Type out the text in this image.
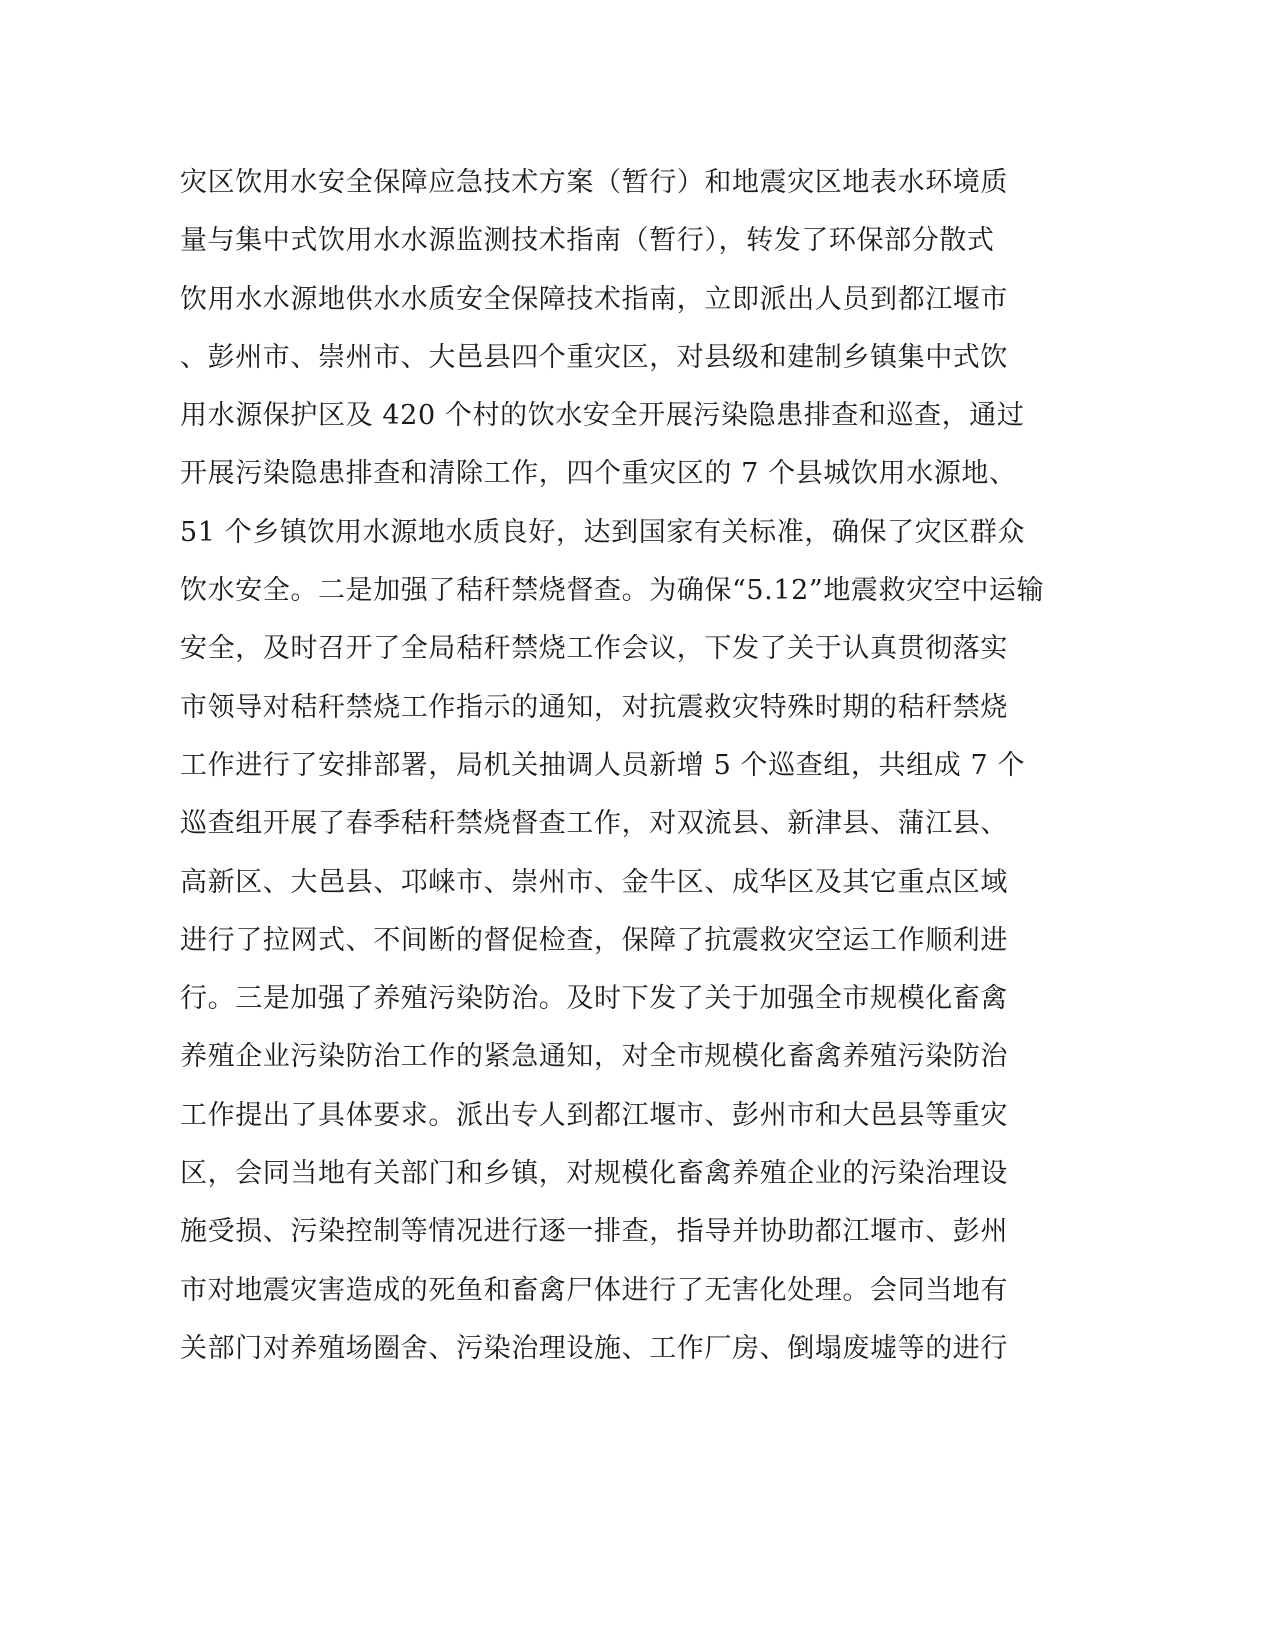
灾区饮用水安全保障应急技术方案（暂行）和地震灾区地表水环境质
量与集中式饮用水水源监测技术指南（暂行），转发了环保部分散式
饮用水水源地供水水质安全保障技术指南，立即派出人员到都江堰市
、彭州市、崇州市、大邑县四个重灾区，对县级和建制乡镇集中式饮
用水源保护区及 420 个村的饮水安全开展污染隐患排查和巡查，通过
开展污染隐患排查和清除工作，四个重灾区的 7 个县城饮用水源地、
51 个乡镇饮用水源地水质良好，达到国家有关标准，确保了灾区群众
饮水安全。二是加强了秸秆禁烧督查。为确保“5.12”地震救灾空中运输
安全，及时召开了全局秸秆禁烧工作会议，下发了关于认真贯彻落实
市领导对秸秆禁烧工作指示的通知，对抗震救灾特殊时期的秸秆禁烧
工作进行了安排部署，局机关抽调人员新增 5 个巡查组，共组成 7 个
巡查组开展了春季秸秆禁烧督查工作，对双流县、新津县、蒲江县、
高新区、大邑县、邛崃市、崇州市、金牛区、成华区及其它重点区域
进行了拉网式、不间断的督促检查，保障了抗震救灾空运工作顺利进
行。三是加强了养殖污染防治。及时下发了关于加强全市规模化畜禽
养殖企业污染防治工作的紧急通知，对全市规模化畜禽养殖污染防治
工作提出了具体要求。派出专人到都江堰市、彭州市和大邑县等重灾
区，会同当地有关部门和乡镇，对规模化畜禽养殖企业的污染治理设
施受损、污染控制等情况进行逐一排查，指导并协助都江堰市、彭州
市对地震灾害造成的死鱼和畜禽尸体进行了无害化处理。会同当地有
关部门对养殖场圈舍、污染治理设施、工作厂房、倒塌废墟等的进行
